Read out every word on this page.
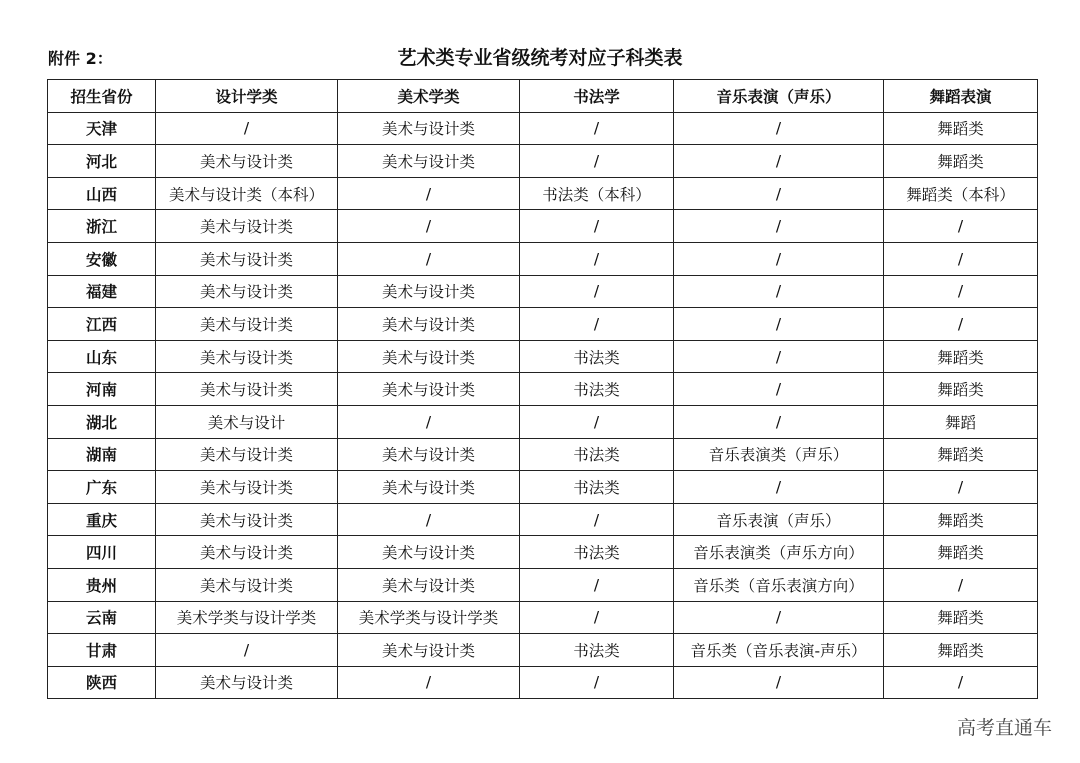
附件 2：	艺术类专业省级统考对应子科类表
招生省份	设计学类	美术学类	书法学	音乐表演（声乐）	舞蹈表演
天津	/	美术与设计类	/	/	舞蹈类
河北	美术与设计类	美术与设计类	/	/	舞蹈类
山西	美术与设计类（本科）	/	书法类（本科）	/	舞蹈类（本科）
浙江	美术与设计类	/	/	/	/
安徽	美术与设计类	/	/	/	/
福建	美术与设计类	美术与设计类	/	/	/
江西	美术与设计类	美术与设计类	/	/	/
山东	美术与设计类	美术与设计类	书法类	/	舞蹈类
河南	美术与设计类	美术与设计类	书法类	/	舞蹈类
湖北	美术与设计	/	/	/	舞蹈
湖南	美术与设计类	美术与设计类	书法类	音乐表演类（声乐）	舞蹈类
广东	美术与设计类	美术与设计类	书法类	/	/
重庆	美术与设计类	/	/	音乐表演（声乐）	舞蹈类
四川	美术与设计类	美术与设计类	书法类	音乐表演类（声乐方向）	舞蹈类
贵州	美术与设计类	美术与设计类	/	音乐类（音乐表演方向）	/
云南	美术学类与设计学类	美术学类与设计学类	/	/	舞蹈类
甘肃	/	美术与设计类	书法类	音乐类（音乐表演-声乐）	舞蹈类
陕西	美术与设计类	/	/	/	/
高考直通车
